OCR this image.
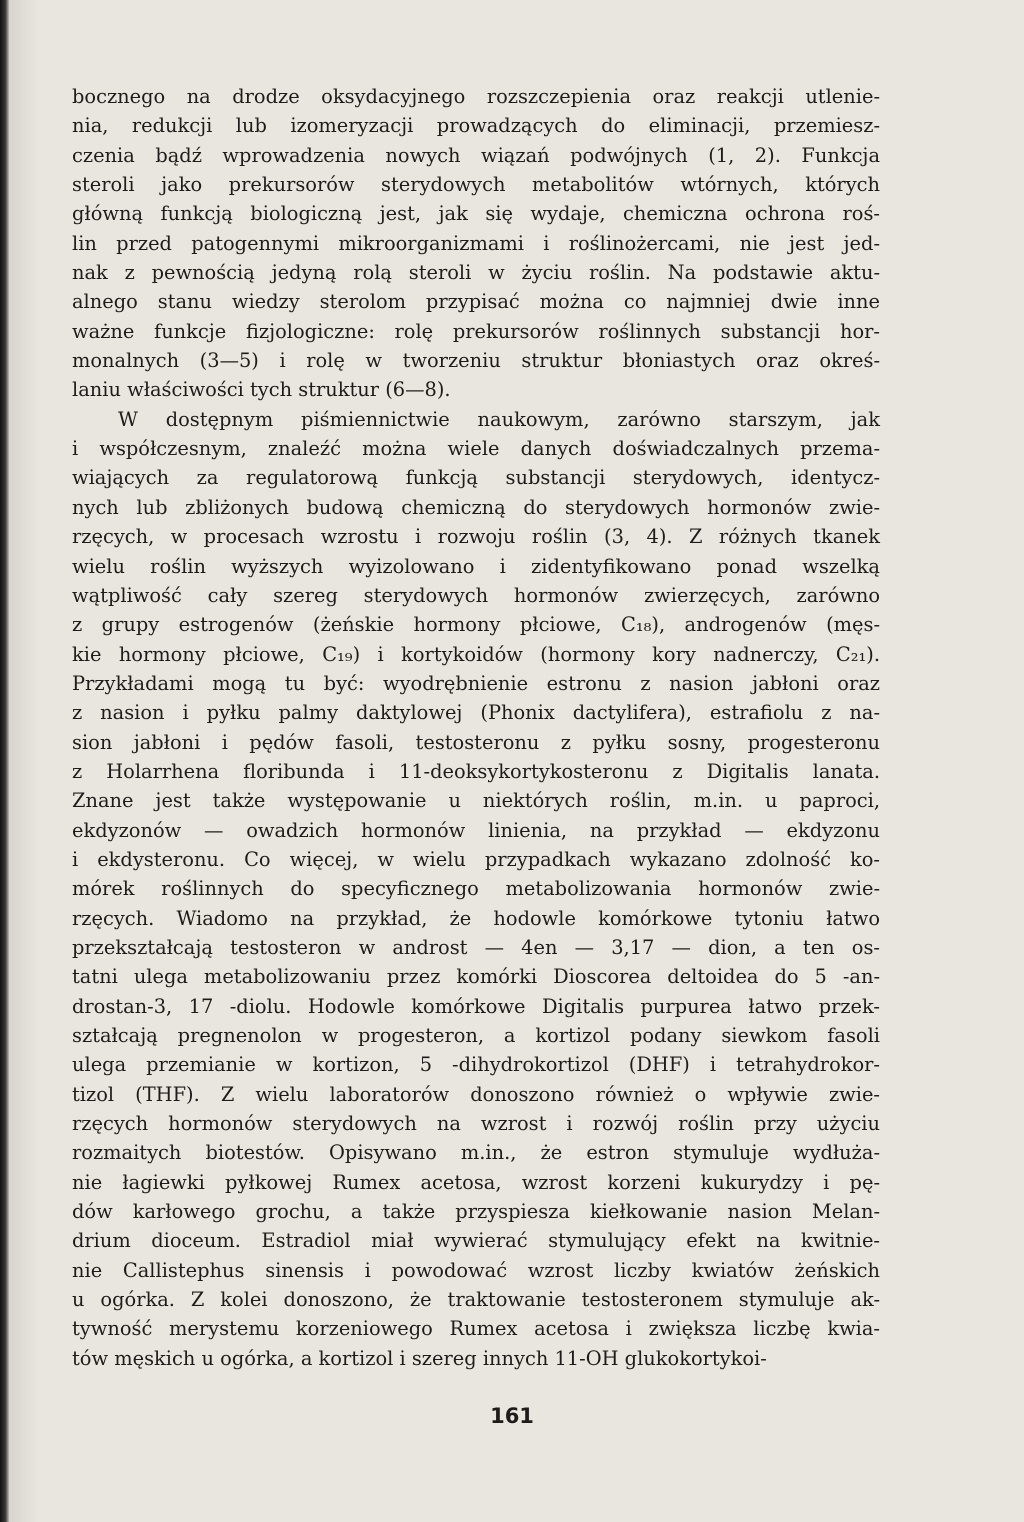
bocznego na drodze oksydacyjnego rozszczepienia oraz reakcji utlenie-
nia, redukcji lub izomeryzacji prowadzących do eliminacji, przemiesz-
czenia bądź wprowadzenia nowych wiązań podwójnych (1, 2). Funkcja
steroli jako prekursorów sterydowych metabolitów wtórnych, których
główną funkcją biologiczną jest, jak się wydaje, chemiczna ochrona roś-
lin przed patogennymi mikroorganizmami i roślinożercami, nie jest jed-
nak z pewnością jedyną rolą steroli w życiu roślin. Na podstawie aktu-
alnego stanu wiedzy sterolom przypisać można co najmniej dwie inne
ważne funkcje fizjologiczne: rolę prekursorów roślinnych substancji hor-
monalnych (3—5) i rolę w tworzeniu struktur błoniastych oraz okreś-
laniu właściwości tych struktur (6—8).
W dostępnym piśmiennictwie naukowym, zarówno starszym, jak
i współczesnym, znaleźć można wiele danych doświadczalnych przema-
wiających za regulatorową funkcją substancji sterydowych, identycz-
nych lub zbliżonych budową chemiczną do sterydowych hormonów zwie-
rzęcych, w procesach wzrostu i rozwoju roślin (3, 4). Z różnych tkanek
wielu roślin wyższych wyizolowano i zidentyfikowano ponad wszelką
wątpliwość cały szereg sterydowych hormonów zwierzęcych, zarówno
z grupy estrogenów (żeńskie hormony płciowe, C₁₈), androgenów (męs-
kie hormony płciowe, C₁₉) i kortykoidów (hormony kory nadnerczy, C₂₁).
Przykładami mogą tu być: wyodrębnienie estronu z nasion jabłoni oraz
z nasion i pyłku palmy daktylowej (Phonix dactylifera), estrafiolu z na-
sion jabłoni i pędów fasoli, testosteronu z pyłku sosny, progesteronu
z Holarrhena floribunda i 11-deoksykortykosteronu z Digitalis lanata.
Znane jest także występowanie u niektórych roślin, m.in. u paproci,
ekdyzonów — owadzich hormonów linienia, na przykład — ekdyzonu
i ekdysteronu. Co więcej, w wielu przypadkach wykazano zdolność ko-
mórek roślinnych do specyficznego metabolizowania hormonów zwie-
rzęcych. Wiadomo na przykład, że hodowle komórkowe tytoniu łatwo
przekształcają testosteron w androst — 4en — 3,17 — dion, a ten os-
tatni ulega metabolizowaniu przez komórki Dioscorea deltoidea do 5 -an-
drostan-3, 17 -diolu. Hodowle komórkowe Digitalis purpurea łatwo przek-
ształcają pregnenolon w progesteron, a kortizol podany siewkom fasoli
ulega przemianie w kortizon, 5 -dihydrokortizol (DHF) i tetrahydrokor-
tizol (THF). Z wielu laboratorów donoszono również o wpływie zwie-
rzęcych hormonów sterydowych na wzrost i rozwój roślin przy użyciu
rozmaitych biotestów. Opisywano m.in., że estron stymuluje wydłuża-
nie łagiewki pyłkowej Rumex acetosa, wzrost korzeni kukurydzy i pę-
dów karłowego grochu, a także przyspiesza kiełkowanie nasion Melan-
drium dioceum. Estradiol miał wywierać stymulujący efekt na kwitnie-
nie Callistephus sinensis i powodować wzrost liczby kwiatów żeńskich
u ogórka. Z kolei donoszono, że traktowanie testosteronem stymuluje ak-
tywność merystemu korzeniowego Rumex acetosa i zwiększa liczbę kwia-
tów męskich u ogórka, a kortizol i szereg innych 11-OH glukokortykoi-
161
